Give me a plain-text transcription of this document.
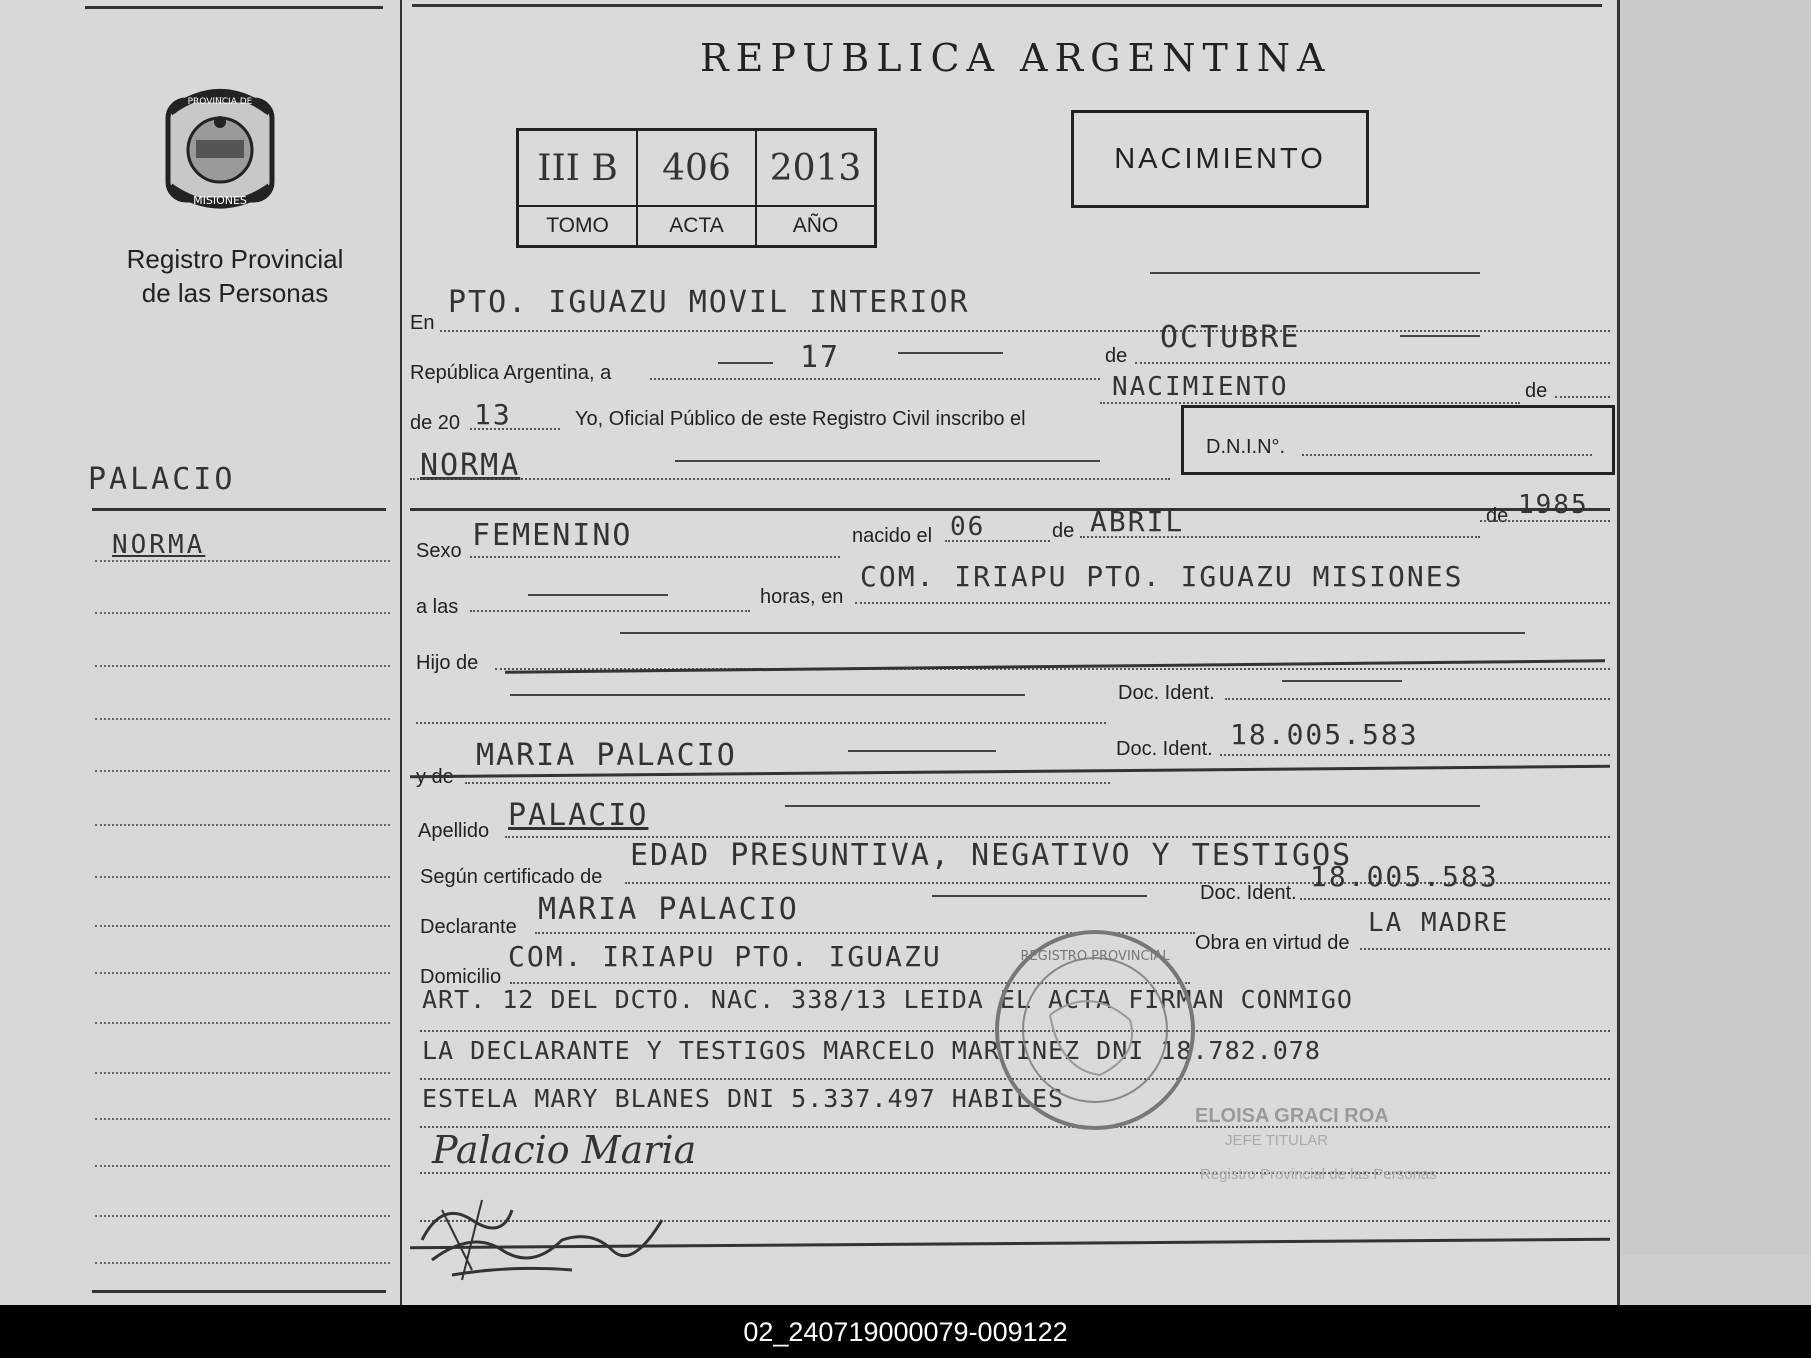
PROVINCIA DE
MISIONES
Registro Provincial
de las Personas
PALACIO
NORMA
REPUBLICA ARGENTINA
III B	406	2013
TOMO	ACTA	AÑO
NACIMIENTO
En
PTO. IGUAZU MOVIL INTERIOR
República Argentina, a	17	de
OCTUBRE
de 20 13	Yo, Oficial Público de este Registro Civil inscribo el
NACIMIENTO	de
NORMA
D.N.I.N°.
Sexo FEMENINO	nacido el 06	de ABRIL	de 1985
a las	horas, en
COM. IRIAPU PTO. IGUAZU MISIONES
Hijo de
Doc. Ident.
MARIA PALACIO	Doc. Ident. 18.005.583
Apellido PALACIO
Según certificado de
EDAD PRESUNTIVA, NEGATIVO Y TESTIGOS
Declarante MARIA PALACIO	Doc. Ident. 18.005.583
Domicilio
COM. IRIAPU PTO. IGUAZU	Obra en virtud de
LA MADRE
ART. 12 DEL DCTO. NAC. 338/13 LEIDA EL ACTA FIRMAN CONMIGO
LA DECLARANTE Y TESTIGOS MARCELO MARTINEZ DNI 18.782.078
ESTELA MARY BLANES DNI 5.337.497 HABILES
Palacio Maria
REGISTRO PROVINCIAL
ELOISA GRACI ROA
JEFE TITULAR
Registro Provincial de las Personas
02_240719000079-009122
